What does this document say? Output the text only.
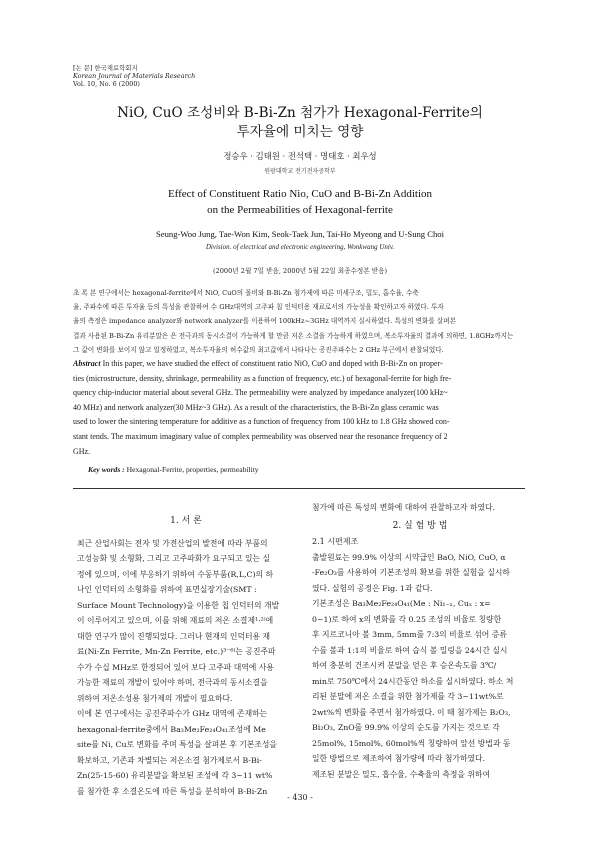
[논 문] 한국재료학회지
Korean Journal of Materials Research
Vol. 10, No. 6 (2000)
NiO, CuO 조성비와 B-Bi-Zn 첨가가 Hexagonal-Ferrite의
투자율에 미치는 영향
정승우 · 김태원 · 전석택 · 명태호 · 최우성
원광대학교 전기전자공학부
Effect of Constituent Ratio Nio, CuO and B-Bi-Zn Addition
on the Permeabilities of Hexagonal-ferrite
Seung-Woo Jung, Tae-Won Kim, Seok-Taek Jun, Tai-Ho Myeong and U-Sung Choi
Division. of electrical and electronic engineering, Wonkwang Univ.
(2000년 2월 7일 받음, 2000년 5월 22일 최종수정본 받음)
초 록 본 연구에서는 hexagonal-ferrite에서 NiO, CuO의 몰비와 B-Bi-Zn 첨가제에 따른 미세구조, 밀도, 흡수율, 수축
율, 주파수에 따른 투자율 등의 특성을 관찰하여 수 GHz대역의 고주파 칩 인덕터용 재료로서의 가능성을 확인하고자 하였다. 투자
율의 측정은 impedance analyzer와 network analyzer를 이용하여 100kHz~3GHz 대역까지 실시하였다. 특성의 변화를 살펴본
결과 사용된 B-Bi-Zn 유리분말은 은 전극과의 동시소결이 가능하게 할 만큼 저온 소결을 가능하게 하였으며, 복소투자율의 결과에 의하면, 1.8GHz까지는
그 값이 변화를 보이지 않고 일정하였고, 복소투자율의 허수값의 최고값에서 나타나는 공진주파수는 2 GHz 부근에서 관찰되었다.
Abstract In this paper, we have studied the effect of constituent ratio NiO, CuO and doped with B-Bi-Zn on proper-
ties (microstructure, density, shrinkage, permeability as a function of frequency, etc.) of hexagonal-ferrite for high fre-
quency chip-inductor material about several GHz. The permeability were analyzed by impedance analyzer(100 kHz~
40 MHz) and network analyzer(30 MHz~3 GHz). As a result of the characteristics, the B-Bi-Zn glass ceramic was
used to lower the sintering temperature for additive as a function of frequency from 100 kHz to 1.8 GHz showed con-
stant tends. The maximum imaginary value of complex permeability was observed near the resonance frequency of 2
GHz.
Key words : Hexagonal-Ferrite, properties, permeability
1. 서 론
최근 산업사회는 전자 및 가전산업의 발전에 따라 부품의
고성능화 및 소형화, 그리고 고주파화가 요구되고 있는 실
정에 있으며, 이에 부응하기 위하여 수동부품(R,L,C)의 하
나인 인덕터의 소형화를 위하여 표면실장기술(SMT :
Surface Mount Technology)을 이용한 칩 인덕터의 개발
이 이루어지고 있으며, 이를 위해 재료의 저온 소결제¹·²⁾에
대한 연구가 많이 진행되었다. 그러나 현재의 인덕터용 재
료(Ni-Zn Ferrite, Mn-Zn Ferrite, etc.)³⁻⁶⁾는 공진주파
수가 수십 MHz로 한정되어 있어 보다 고주파 대역에 사용
가능한 재료의 개발이 있어야 하며, 전극과의 동시소결을
위하여 저온소성용 첨가제의 개발이 필요하다.
이에 본 연구에서는 공진주파수가 GHz 대역에 존재하는
hexagonal-ferrite중에서 Ba₃Me₂Fe₂₄O₄₁조성에 Me
site를 Ni, Cu로 변화를 주며 특성을 살펴본 후 기본조성을
확보하고, 기존과 차별되는 저온소결 첨가제로서 B-Bi-
Zn(25-15-60) 유리분말을 확보된 조성에 각 3~11 wt%
를 첨가한 후 소결온도에 따른 특성을 분석하여 B-Bi-Zn
첨가에 따른 특성의 변화에 대하여 관찰하고자 하였다.
2. 실 험 방 법
2.1 시편제조
출발원료는 99.9% 이상의 시약급인 BaO, NiO, CuO, α
-Fe₂O₃를 사용하여 기본조성의 확보를 위한 실험을 실시하
였다. 실험의 공정은 Fig. 1과 같다.
기본조성은 Ba₃Me₂Fe₂₄O₄₁(Me : Ni₁₋ₓ, Cuₓ : x=
0~1)로 하여 x의 변화를 각 0.25 조성의 비율로 칭량한
후 지르코니아 볼 3mm, 5mm를 7:3의 비율로 섞어 증류
수를 볼과 1:1의 비율로 하여 습식 볼 밀링을 24시간 실시
하여 충분히 건조시켜 분말을 얻은 후 승온속도를 3℃/
min로 750℃에서 24시간동안 하소를 실시하였다. 하소 처
리된 분말에 저온 소결을 위한 첨가제를 각 3~11wt%로
2wt%씩 변화를 주면서 첨가하였다. 이 때 첨가제는 B₂O₃,
Bi₂O₃, ZnO를 99.9% 이상의 순도를 가지는 것으로 각
25mol%, 15mol%, 60mol%씩 칭량하여 앞선 방법과 동
일한 방법으로 제조하여 첨가량에 따라 첨가하였다.
제조된 분말은 밀도, 흡수율, 수축율의 측정을 위하여
- 430 -
